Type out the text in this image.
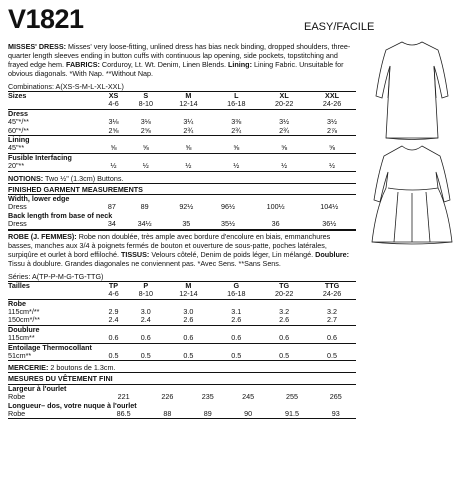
V1821	EASY/FACILE
MISSES' DRESS: Misses' very loose-fitting, unlined dress has bias neck binding, dropped shoulders, three-quarter length sleeves ending in button cuffs with continuous lap opening, side pockets, topstitching and frayed edge hem. FABRICS: Corduroy, Lt. Wt. Denim, Linen Blends. Lining: Lining Fabric. Unsuitable for obvious diagonals. *With Nap. **Without Nap.
Combinations: A(XS-S-M-L-XL-XXL)
Sizes	XS	S	M	L	XL	XXL
	4-6	8-10	12-14	16-18	20-22	24-26
Dress						
45"*/**	3⅛	3⅛	3¼	3⅜	3½	3½
60"*/**	2⅝	2⅝	2¾	2¾	2¾	2⅞
Lining						
45"**	⅝	⅝	⅝	⅝	⅝	⅝
Fusible Interfacing						
20"**	½	½	½	½	½	½
NOTIONS: Two ½" (1.3cm) Buttons.
FINISHED GARMENT MEASUREMENTS						
Width, lower edge						
Dress	87	89	92½	96½	100½	104½
Back length from base of neck						
Dress	34	34½	35	35½	36	36½
ROBE (J. FEMMES): Robe non doublée, très ample avec bordure d'encolure en biais, emmanchures basses, manches aux 3/4 à poignets fermés de bouton et ouverture de sous-patte, poches latérales, surpiqûre et ourlet à bord effiloché. TISSUS: Velours côtelé, Denim de poids léger, Lin mélangé. Doublure: Tissu à doublure. Grandes diagonales ne conviennent pas. *Avec Sens. **Sans Sens.
Séries: A(TP-P-M-G-TG-TTG)
Tailles	TP	P	M	G	TG	TTG
	4-6	8-10	12-14	16-18	20-22	24-26
Robe						
115cm*/**	2.9	3.0	3.0	3.1	3.2	3.2
150cm*/**	2.4	2.4	2.6	2.6	2.6	2.7
Doublure						
115cm**	0.6	0.6	0.6	0.6	0.6	0.6
Entoilage Thermocollant						
51cm**	0.5	0.5	0.5	0.5	0.5	0.5
MERCERIE: 2 boutons de 1.3cm.
MESURES DU VÊTEMENT FINI						
Largeur à l'ourlet						
Robe	221	226	235	245	255	265
Longueur– dos, votre nuque à l'ourlet						
Robe	86.5	88	89	90	91.5	93
